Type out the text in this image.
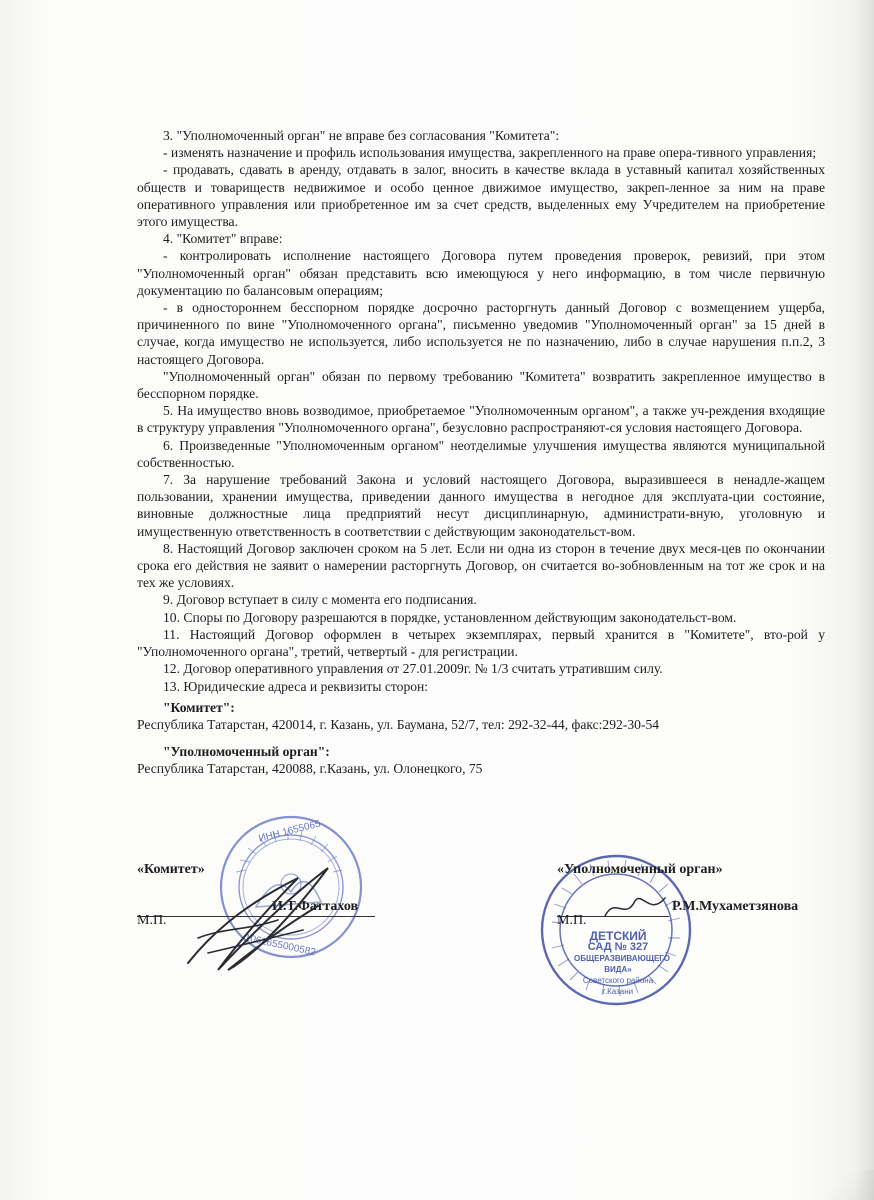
3. "Уполномоченный орган" не вправе без согласования "Комитета":

- изменять назначение и профиль использования имущества, закрепленного на праве опера-тивного управления;

- продавать, сдавать в аренду, отдавать в залог, вносить в качестве вклада в уставный капитал хозяйственных обществ и товариществ недвижимое и особо ценное движимое имущество, закреп-ленное за ним на праве оперативного управления или приобретенное им за счет средств, выделенных ему Учредителем на приобретение этого имущества.

4. "Комитет" вправе:

- контролировать исполнение настоящего Договора путем проведения проверок, ревизий, при этом "Уполномоченный орган" обязан представить всю имеющуюся у него информацию, в том числе первичную документацию по балансовым операциям;

- в одностороннем бесспорном порядке досрочно расторгнуть данный Договор с возмещением ущерба, причиненного по вине "Уполномоченного органа", письменно уведомив "Уполномоченный орган" за 15 дней в случае, когда имущество не используется, либо используется не по назначению, либо в случае нарушения п.п.2, 3 настоящего Договора.

"Уполномоченный орган" обязан по первому требованию "Комитета" возвратить закрепленное имущество в бесспорном порядке.

5. На имущество вновь возводимое, приобретаемое "Уполномоченным органом", а также уч-реждения входящие в структуру управления "Уполномоченного органа", безусловно распространяют-ся условия настоящего Договора.

6. Произведенные "Уполномоченным органом" неотделимые улучшения имущества являются муниципальной собственностью.

7. За нарушение требований Закона и условий настоящего Договора, выразившееся в ненадле-жащем пользовании, хранении имущества, приведении данного имущества в негодное для эксплуата-ции состояние, виновные должностные лица предприятий несут дисциплинарную, администрати-вную, уголовную и имущественную ответственность в соответствии с действующим законодательст-вом.

8. Настоящий Договор заключен сроком на 5 лет. Если ни одна из сторон в течение двух меся-цев по окончании срока его действия не заявит о намерении расторгнуть Договор, он считается во-зобновленным на тот же срок и на тех же условиях.

9. Договор вступает в силу с момента его подписания.

10. Споры по Договору разрешаются в порядке, установленном действующим законодательст-вом.

11. Настоящий Договор оформлен в четырех экземплярах, первый хранится в "Комитете", вто-рой у "Уполномоченного органа", третий, четвертый - для регистрации.

12. Договор оперативного управления от 27.01.2009г. № 1/3 считать утратившим силу.

13. Юридические адреса и реквизиты сторон:

"Комитет":

Республика Татарстан, 420014, г. Казань, ул. Баумана, 52/7, тел: 292-32-44, факс:292-30-54

"Уполномоченный орган":

Республика Татарстан, 420088, г.Казань, ул. Олонецкого, 75

ИНН 1655065
1061655000582	ДЕТСКИЙ
САД № 327
ОБЩЕРАЗВИВАЮЩЕГО
ВИДА»
Советского района
г.Казани
«Комитет»
И.Т.Фаттахов
М.П.
«Уполномоченный орган»
Р.М.Мухаметзянова
М.П.
